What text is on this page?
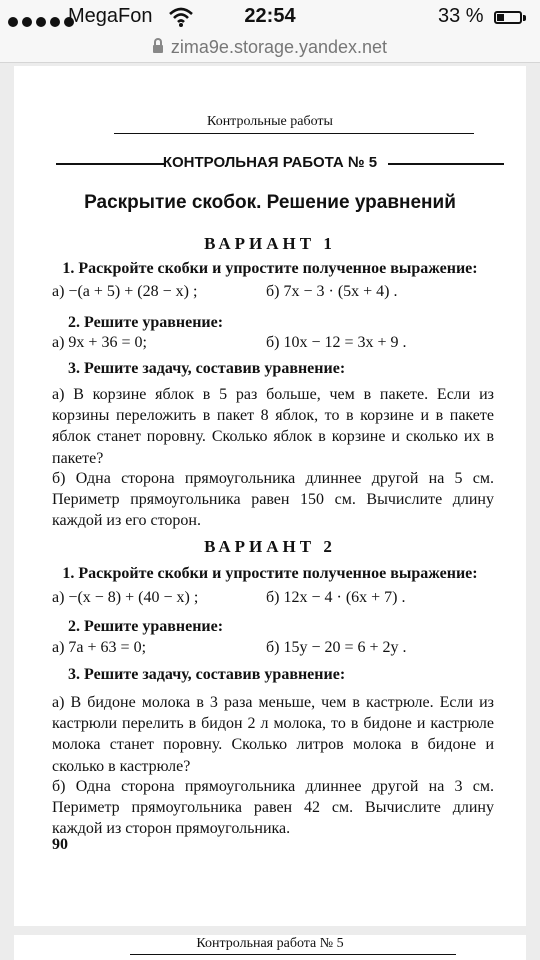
MegaFon	22:54	33 %
zima9e.storage.yandex.net
Контрольные работы
КОНТРОЛЬНАЯ РАБОТА № 5
Раскрытие скобок. Решение уравнений
ВАРИАНТ 1
1. Раскройте скобки и упростите полученное выражение:
а) −(a + 5) + (28 − x) ;	б) 7x − 3 · (5x + 4) .
2. Решите уравнение:
а) 9x + 36 = 0;	б) 10x − 12 = 3x + 9 .
3. Решите задачу, составив уравнение:
а) В корзине яблок в 5 раз больше, чем в пакете. Если из корзины переложить в пакет 8 яблок, то в корзине и в пакете яблок станет поровну. Сколько яблок в корзине и сколько их в пакете?
б) Одна сторона прямоугольника длиннее другой на 5 см. Периметр прямоугольника равен 150 см. Вычислите длину каждой из его сторон.
ВАРИАНТ 2
1. Раскройте скобки и упростите полученное выражение:
а) −(x − 8) + (40 − x) ;	б) 12x − 4 · (6x + 7) .
2. Решите уравнение:
а) 7a + 63 = 0;	б) 15y − 20 = 6 + 2y .
3. Решите задачу, составив уравнение:
а) В бидоне молока в 3 раза меньше, чем в кастрюле. Если из кастрюли перелить в бидон 2 л молока, то в бидоне и кастрюле молока станет поровну. Сколько литров молока в бидоне и сколько в кастрюле?
б) Одна сторона прямоугольника длиннее другой на 3 см. Периметр прямоугольника равен 42 см. Вычислите длину каждой из сторон прямоугольника.
90
Контрольная работа № 5
